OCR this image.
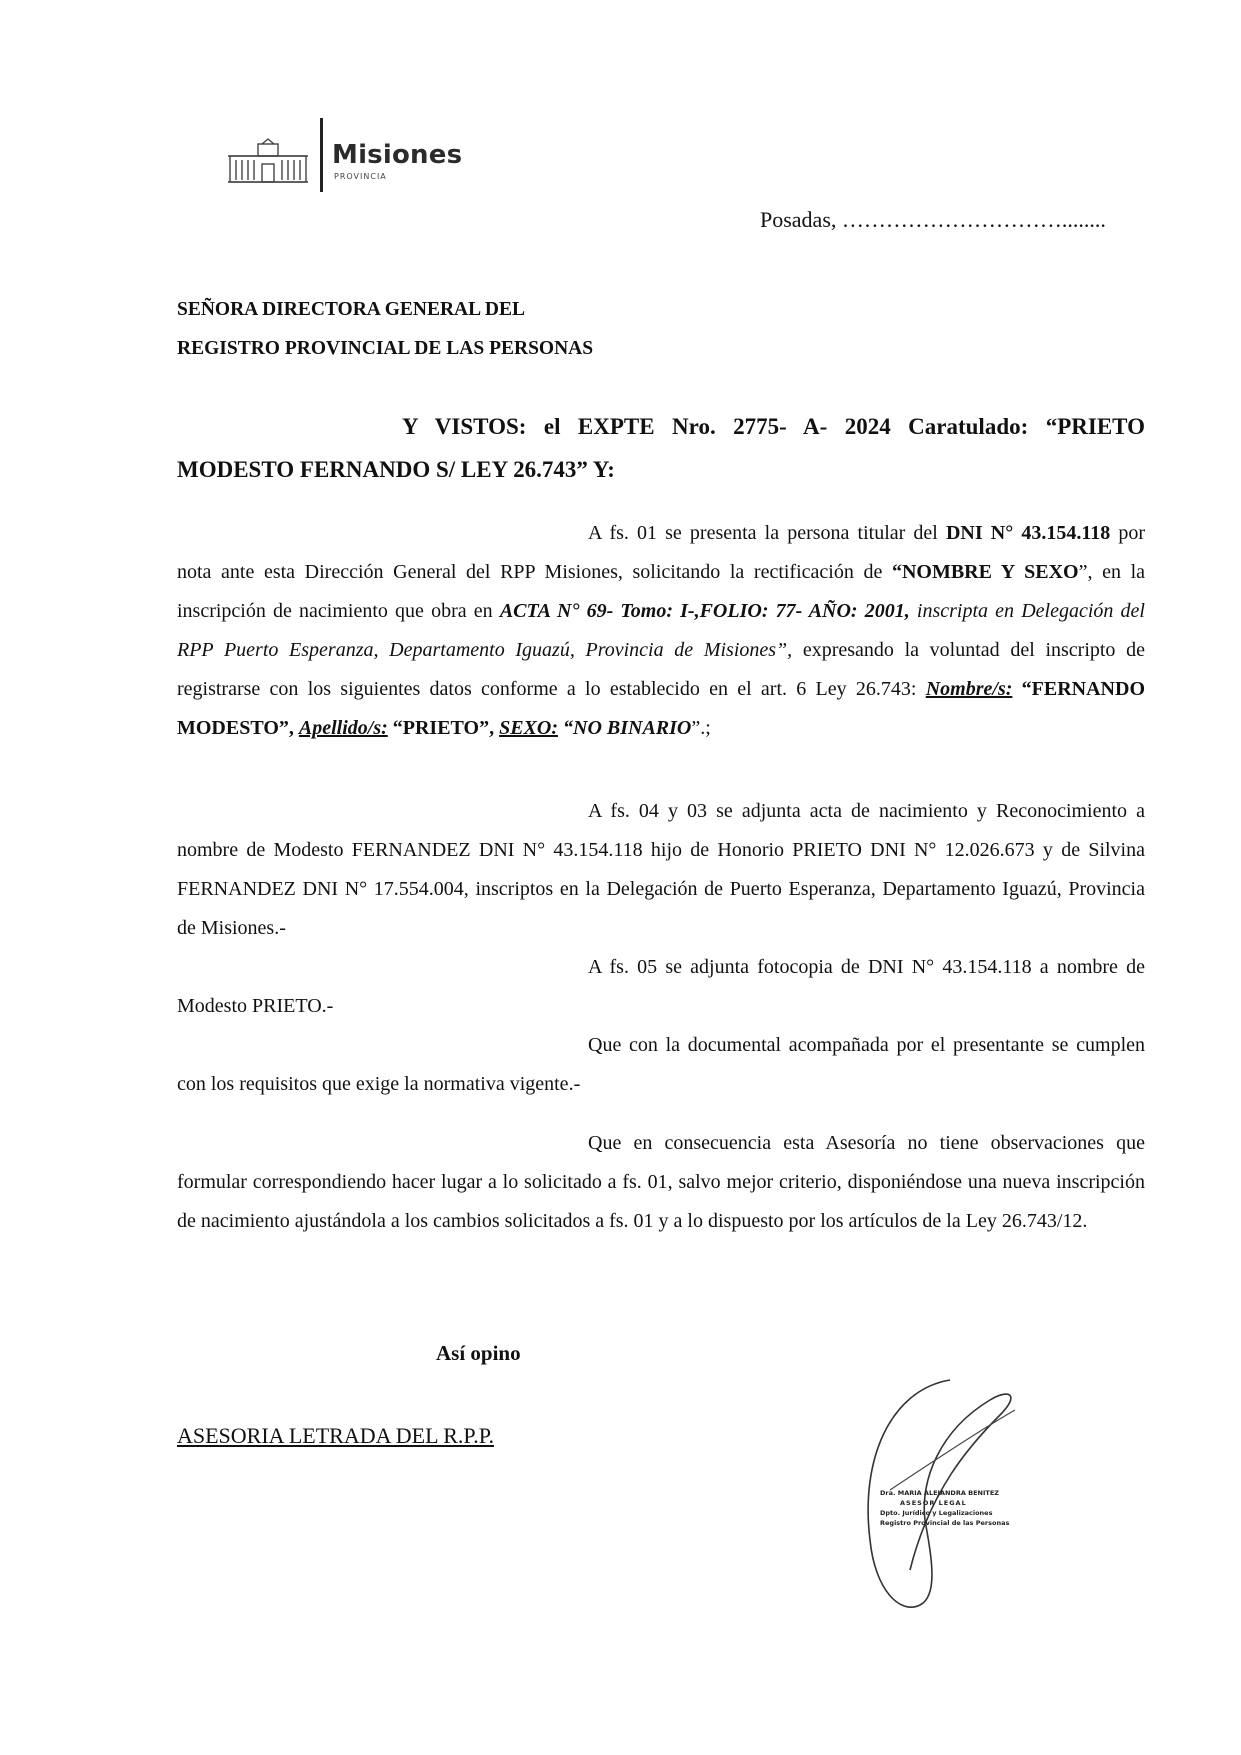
Misiones
PROVINCIA
Posadas, …………………………........
SEÑORA DIRECTORA GENERAL DEL
REGISTRO PROVINCIAL DE LAS PERSONAS
Y VISTOS: el EXPTE Nro. 2775- A- 2024 Caratulado: “PRIETO MODESTO FERNANDO S/ LEY 26.743” Y:

A fs. 01 se presenta la persona titular del DNI N° 43.154.118 por nota ante esta Dirección General del RPP Misiones, solicitando la rectificación de “NOMBRE Y SEXO”, en la inscripción de nacimiento que obra en ACTA N° 69- Tomo: I-,FOLIO: 77- AÑO: 2001, inscripta en Delegación del RPP Puerto Esperanza, Departamento Iguazú, Provincia de Misiones”, expresando la voluntad del inscripto de registrarse con los siguientes datos conforme a lo establecido en el art. 6 Ley 26.743: Nombre/s: “FERNANDO MODESTO”, Apellido/s: “PRIETO”, SEXO: “NO BINARIO”.;

A fs. 04 y 03 se adjunta acta de nacimiento y Reconocimiento a nombre de Modesto FERNANDEZ DNI N° 43.154.118 hijo de Honorio PRIETO DNI N° 12.026.673 y de Silvina FERNANDEZ DNI N° 17.554.004, inscriptos en la Delegación de Puerto Esperanza, Departamento Iguazú, Provincia de Misiones.-

A fs. 05 se adjunta fotocopia de DNI N° 43.154.118 a nombre de Modesto PRIETO.-

Que con la documental acompañada por el presentante se cumplen con los requisitos que exige la normativa vigente.-

Que en consecuencia esta Asesoría no tiene observaciones que formular correspondiendo hacer lugar a lo solicitado a fs. 01, salvo mejor criterio, disponiéndose una nueva inscripción de nacimiento ajustándola a los cambios solicitados a fs. 01 y a lo dispuesto por los artículos de la Ley 26.743/12.

Así opino
ASESORIA LETRADA DEL R.P.P.
Dra. MARIA ALEJANDRA BENITEZ
ASESOR LEGAL
Dpto. Jurídico y Legalizaciones
Registro Provincial de las Personas
